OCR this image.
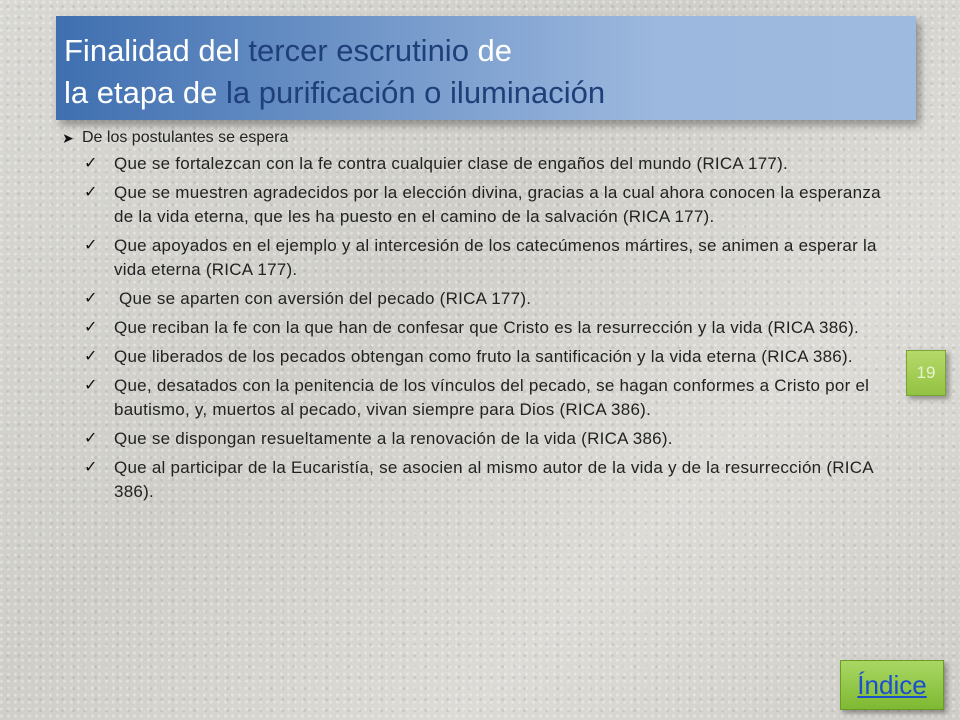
Finalidad del tercer escrutinio de
la etapa de la purificación o iluminación
➤ De los postulantes se espera
✓ Que se fortalezcan con la fe contra cualquier clase de engaños del mundo (RICA 177).
✓ Que se muestren agradecidos por la elección divina, gracias a la cual ahora conocen la esperanza de la vida eterna, que les ha puesto en el camino de la salvación (RICA 177).
✓ Que apoyados en el ejemplo y al intercesión de los catecúmenos mártires, se animen a esperar la vida eterna (RICA 177).
✓ Que se aparten con aversión del pecado (RICA 177).
✓ Que reciban la fe con la que han de confesar que Cristo es la resurrección y la vida (RICA 386).
✓ Que liberados de los pecados obtengan como fruto la santificación y la vida eterna (RICA 386).
✓ Que, desatados con la penitencia de los vínculos del pecado, se hagan conformes a Cristo por el bautismo, y, muertos al pecado, vivan siempre para Dios (RICA 386).
✓ Que se dispongan resueltamente a la renovación de la vida (RICA 386).
✓ Que al participar de la Eucaristía, se asocien al mismo autor de la vida y de la resurrección (RICA 386).
19
Índice
